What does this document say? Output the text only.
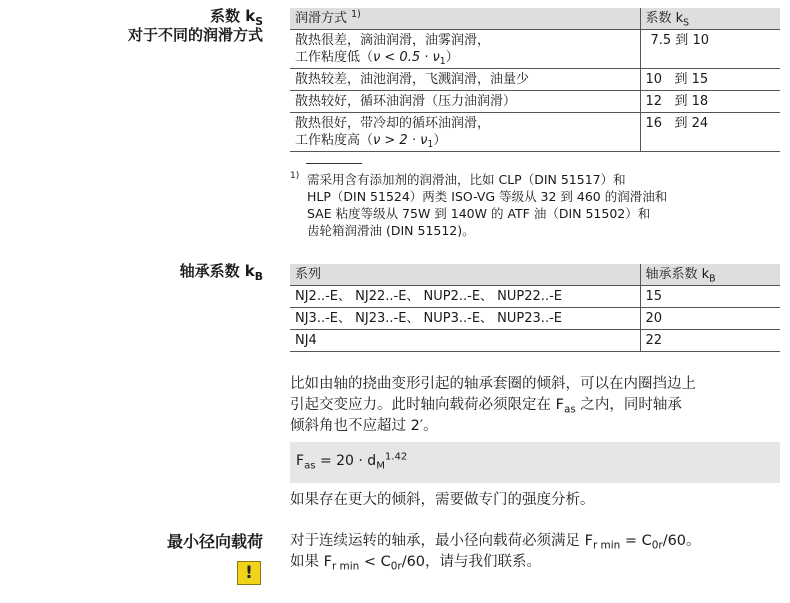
系数 $k_S$
对于不同的润滑方式
润滑方式 $^{1)}$	系数 $k_S$

散热很差，滴油润滑，油雾润滑，
工作粘度低$(\nu < 0.5 \cdot \nu_1)$	7.5 到 10
散热较差，油池润滑，飞溅润滑，油量少	10   到 15
散热较好，循环油润滑（压力油润滑）	12   到 18

散热很好，带冷却的循环油润滑，
工作粘度高$(\nu > 2 \cdot \nu_1)$	16   到 24
1) 需采用含有添加剂的润滑油，比如 CLP（DIN 51517）和
HLP（DIN 51524）两类 ISO-VG 等级从 32 到 460 的润滑油和
SAE 粘度等级从 75W 到 140W 的 ATF 油（DIN 51502）和
齿轮箱润滑油 (DIN 51512)。
轴承系数 $k_B$ 系列	轴承系数 $k_B$
NJ2..-E、 NJ22..-E、 NUP2..-E、 NUP22..-E	15
NJ3..-E、 NJ23..-E、 NUP3..-E、 NUP23..-E	20
NJ4	22
比如由轴的挠曲变形引起的轴承套圈的倾斜，可以在内圈挡边上
引起交变应力。此时轴向载荷必须限定在 $F_{as}$ 之内，同时轴承
倾斜角也不应超过 2′。
$F_{as} = 20 \cdot d_M^{1.42}$
如果存在更大的倾斜，需要做专门的强度分析。
最小径向载荷 对于连续运转的轴承，最小径向载荷必须满足 $F_{r min} = C_{0r}/60$。
如果 $F_{r min} < C_{0r}/60$，请与我们联系。
!
